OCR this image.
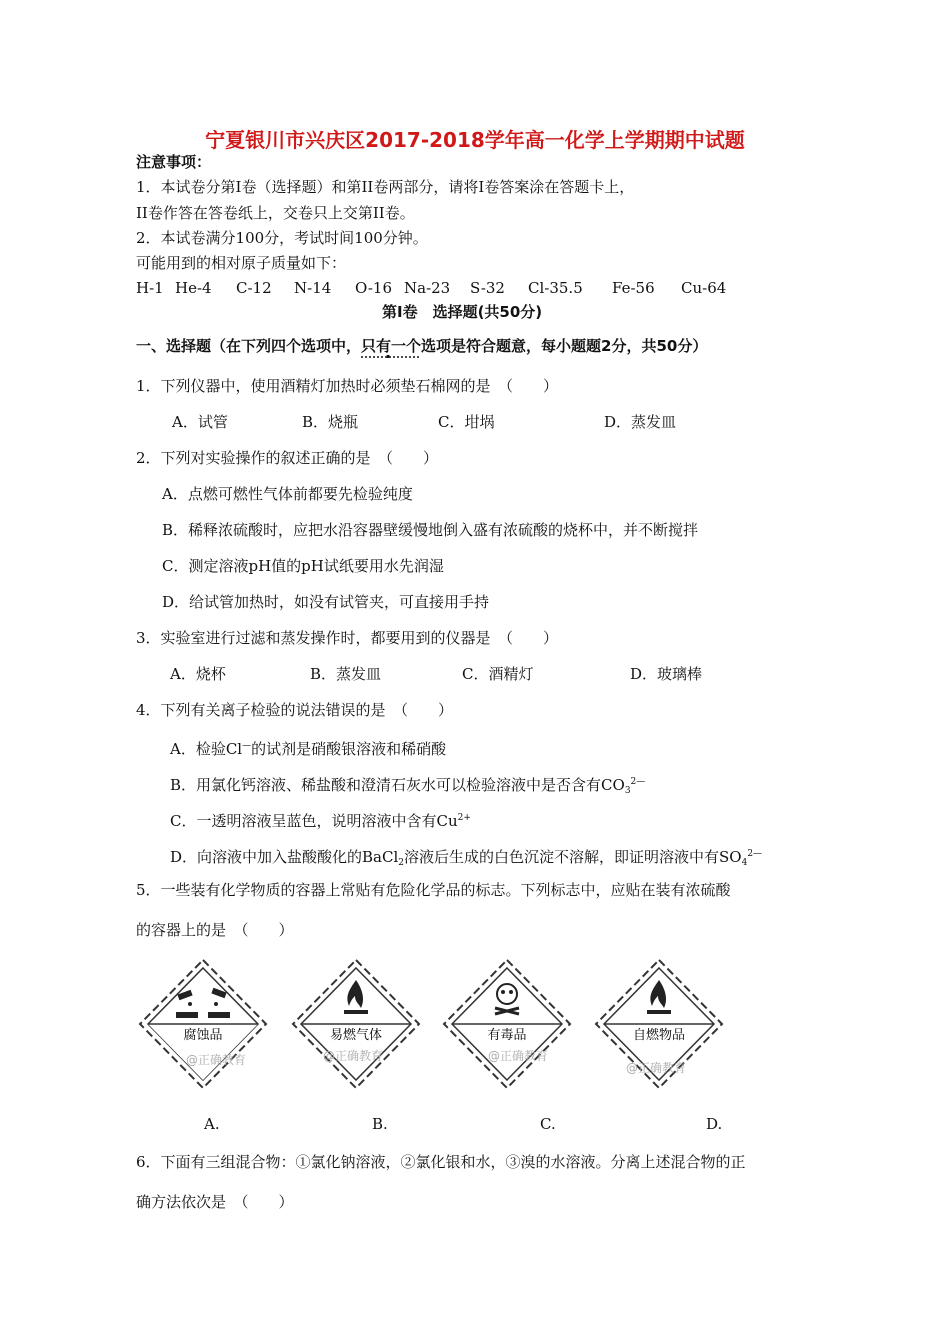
宁夏银川市兴庆区2017-2018学年高一化学上学期期中试题
注意事项：
1．本试卷分第Ⅰ卷（选择题）和第II卷两部分，请将Ⅰ卷答案涂在答题卡上，
II卷作答在答卷纸上，交卷只上交第II卷。
2．本试卷满分100分，考试时间100分钟。
可能用到的相对原子质量如下：
H-1 He-4 C-12 N-14 O-16 Na-23 S-32 Cl-35.5 Fe-56 Cu-64
第Ⅰ卷　选择题(共50分)
一、选择题（在下列四个选项中，只有一个选项是符合题意，每小题题2分，共50分）
1．下列仪器中，使用酒精灯加热时必须垫石棉网的是　（　　）
A．试管	B．烧瓶	C．坩埚	D．蒸发皿
2．下列对实验操作的叙述正确的是　（　　）
A．点燃可燃性气体前都要先检验纯度
B．稀释浓硫酸时，应把水沿容器壁缓慢地倒入盛有浓硫酸的烧杯中，并不断搅拌
C．测定溶液pH值的pH试纸要用水先润湿
D．给试管加热时，如没有试管夹，可直接用手持
3．实验室进行过滤和蒸发操作时，都要用到的仪器是　（　　）
A．烧杯	B．蒸发皿	C．酒精灯	D．玻璃棒
4．下列有关离子检验的说法错误的是　（　　）
A．检验Cl—的试剂是硝酸银溶液和稀硝酸
B．用氯化钙溶液、稀盐酸和澄清石灰水可以检验溶液中是否含有$CO_3^{2—}$
C．一透明溶液呈蓝色，说明溶液中含有$Cu^{2+}$
D．向溶液中加入盐酸酸化的BaCl$_2$溶液后生成的白色沉淀不溶解，即证明溶液中有$SO_4^{2—}$
5．一些装有化学物质的容器上常贴有危险化学品的标志。下列标志中，应贴在装有浓硫酸
的容器上的是　（　　）
腐蚀品
@正确教育
易燃气体
@正确教育
有毒品
@正确教育
自燃物品
@正确教育
A.	B.	C.	D.
6．下面有三组混合物：①氯化钠溶液，②氯化银和水，③溴的水溶液。分离上述混合物的正
确方法依次是　（　　）
